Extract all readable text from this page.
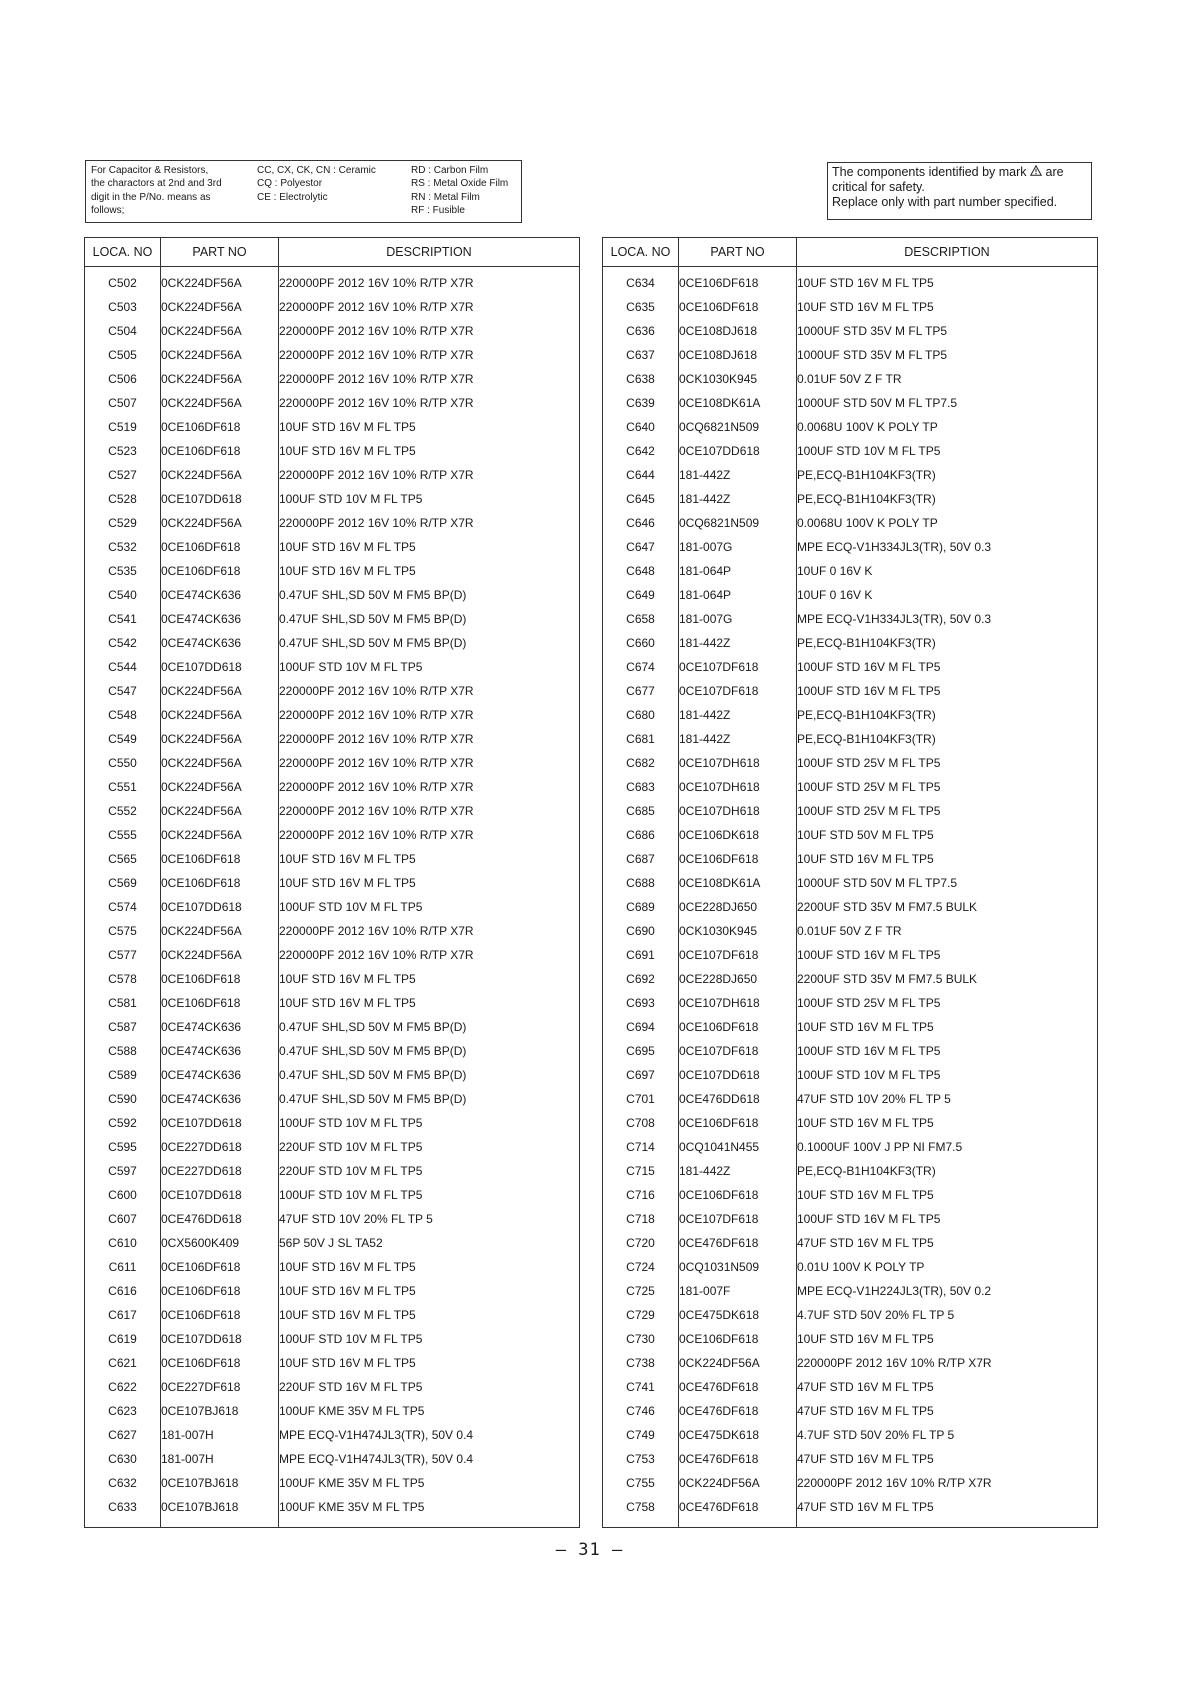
For Capacitor & Resistors,
the charactors at 2nd and 3rd
digit in the P/No. means as
follows;
CC, CX, CK, CN : Ceramic
CQ : Polyestor
CE : Electrolytic
RD : Carbon Film
RS : Metal Oxide Film
RN : Metal Film
RF : Fusible
The components identified by mark are
critical for safety.
Replace only with part number specified.
LOCA. NO	PART NO	DESCRIPTION
C502	0CK224DF56A	220000PF 2012 16V 10% R/TP X7R
C503	0CK224DF56A	220000PF 2012 16V 10% R/TP X7R
C504	0CK224DF56A	220000PF 2012 16V 10% R/TP X7R
C505	0CK224DF56A	220000PF 2012 16V 10% R/TP X7R
C506	0CK224DF56A	220000PF 2012 16V 10% R/TP X7R
C507	0CK224DF56A	220000PF 2012 16V 10% R/TP X7R
C519	0CE106DF618	10UF STD 16V M FL TP5
C523	0CE106DF618	10UF STD 16V M FL TP5
C527	0CK224DF56A	220000PF 2012 16V 10% R/TP X7R
C528	0CE107DD618	100UF STD 10V M FL TP5
C529	0CK224DF56A	220000PF 2012 16V 10% R/TP X7R
C532	0CE106DF618	10UF STD 16V M FL TP5
C535	0CE106DF618	10UF STD 16V M FL TP5
C540	0CE474CK636	0.47UF SHL,SD 50V M FM5 BP(D)
C541	0CE474CK636	0.47UF SHL,SD 50V M FM5 BP(D)
C542	0CE474CK636	0.47UF SHL,SD 50V M FM5 BP(D)
C544	0CE107DD618	100UF STD 10V M FL TP5
C547	0CK224DF56A	220000PF 2012 16V 10% R/TP X7R
C548	0CK224DF56A	220000PF 2012 16V 10% R/TP X7R
C549	0CK224DF56A	220000PF 2012 16V 10% R/TP X7R
C550	0CK224DF56A	220000PF 2012 16V 10% R/TP X7R
C551	0CK224DF56A	220000PF 2012 16V 10% R/TP X7R
C552	0CK224DF56A	220000PF 2012 16V 10% R/TP X7R
C555	0CK224DF56A	220000PF 2012 16V 10% R/TP X7R
C565	0CE106DF618	10UF STD 16V M FL TP5
C569	0CE106DF618	10UF STD 16V M FL TP5
C574	0CE107DD618	100UF STD 10V M FL TP5
C575	0CK224DF56A	220000PF 2012 16V 10% R/TP X7R
C577	0CK224DF56A	220000PF 2012 16V 10% R/TP X7R
C578	0CE106DF618	10UF STD 16V M FL TP5
C581	0CE106DF618	10UF STD 16V M FL TP5
C587	0CE474CK636	0.47UF SHL,SD 50V M FM5 BP(D)
C588	0CE474CK636	0.47UF SHL,SD 50V M FM5 BP(D)
C589	0CE474CK636	0.47UF SHL,SD 50V M FM5 BP(D)
C590	0CE474CK636	0.47UF SHL,SD 50V M FM5 BP(D)
C592	0CE107DD618	100UF STD 10V M FL TP5
C595	0CE227DD618	220UF STD 10V M FL TP5
C597	0CE227DD618	220UF STD 10V M FL TP5
C600	0CE107DD618	100UF STD 10V M FL TP5
C607	0CE476DD618	47UF STD 10V 20% FL TP 5
C610	0CX5600K409	56P 50V J SL TA52
C611	0CE106DF618	10UF STD 16V M FL TP5
C616	0CE106DF618	10UF STD 16V M FL TP5
C617	0CE106DF618	10UF STD 16V M FL TP5
C619	0CE107DD618	100UF STD 10V M FL TP5
C621	0CE106DF618	10UF STD 16V M FL TP5
C622	0CE227DF618	220UF STD 16V M FL TP5
C623	0CE107BJ618	100UF KME 35V M FL TP5
C627	181-007H	MPE ECQ-V1H474JL3(TR), 50V 0.4
C630	181-007H	MPE ECQ-V1H474JL3(TR), 50V 0.4
C632	0CE107BJ618	100UF KME 35V M FL TP5
C633	0CE107BJ618	100UF KME 35V M FL TP5
LOCA. NO	PART NO	DESCRIPTION
C634	0CE106DF618	10UF STD 16V M FL TP5
C635	0CE106DF618	10UF STD 16V M FL TP5
C636	0CE108DJ618	1000UF STD 35V M FL TP5
C637	0CE108DJ618	1000UF STD 35V M FL TP5
C638	0CK1030K945	0.01UF 50V Z F TR
C639	0CE108DK61A	1000UF STD 50V M FL TP7.5
C640	0CQ6821N509	0.0068U 100V K POLY TP
C642	0CE107DD618	100UF STD 10V M FL TP5
C644	181-442Z	PE,ECQ-B1H104KF3(TR)
C645	181-442Z	PE,ECQ-B1H104KF3(TR)
C646	0CQ6821N509	0.0068U 100V K POLY TP
C647	181-007G	MPE ECQ-V1H334JL3(TR), 50V 0.3
C648	181-064P	10UF 0 16V K
C649	181-064P	10UF 0 16V K
C658	181-007G	MPE ECQ-V1H334JL3(TR), 50V 0.3
C660	181-442Z	PE,ECQ-B1H104KF3(TR)
C674	0CE107DF618	100UF STD 16V M FL TP5
C677	0CE107DF618	100UF STD 16V M FL TP5
C680	181-442Z	PE,ECQ-B1H104KF3(TR)
C681	181-442Z	PE,ECQ-B1H104KF3(TR)
C682	0CE107DH618	100UF STD 25V M FL TP5
C683	0CE107DH618	100UF STD 25V M FL TP5
C685	0CE107DH618	100UF STD 25V M FL TP5
C686	0CE106DK618	10UF STD 50V M FL TP5
C687	0CE106DF618	10UF STD 16V M FL TP5
C688	0CE108DK61A	1000UF STD 50V M FL TP7.5
C689	0CE228DJ650	2200UF STD 35V M FM7.5 BULK
C690	0CK1030K945	0.01UF 50V Z F TR
C691	0CE107DF618	100UF STD 16V M FL TP5
C692	0CE228DJ650	2200UF STD 35V M FM7.5 BULK
C693	0CE107DH618	100UF STD 25V M FL TP5
C694	0CE106DF618	10UF STD 16V M FL TP5
C695	0CE107DF618	100UF STD 16V M FL TP5
C697	0CE107DD618	100UF STD 10V M FL TP5
C701	0CE476DD618	47UF STD 10V 20% FL TP 5
C708	0CE106DF618	10UF STD 16V M FL TP5
C714	0CQ1041N455	0.1000UF 100V J PP NI FM7.5
C715	181-442Z	PE,ECQ-B1H104KF3(TR)
C716	0CE106DF618	10UF STD 16V M FL TP5
C718	0CE107DF618	100UF STD 16V M FL TP5
C720	0CE476DF618	47UF STD 16V M FL TP5
C724	0CQ1031N509	0.01U 100V K POLY TP
C725	181-007F	MPE ECQ-V1H224JL3(TR), 50V 0.2
C729	0CE475DK618	4.7UF STD 50V 20% FL TP 5
C730	0CE106DF618	10UF STD 16V M FL TP5
C738	0CK224DF56A	220000PF 2012 16V 10% R/TP X7R
C741	0CE476DF618	47UF STD 16V M FL TP5
C746	0CE476DF618	47UF STD 16V M FL TP5
C749	0CE475DK618	4.7UF STD 50V 20% FL TP 5
C753	0CE476DF618	47UF STD 16V M FL TP5
C755	0CK224DF56A	220000PF 2012 16V 10% R/TP X7R
C758	0CE476DF618	47UF STD 16V M FL TP5
– 31 –
